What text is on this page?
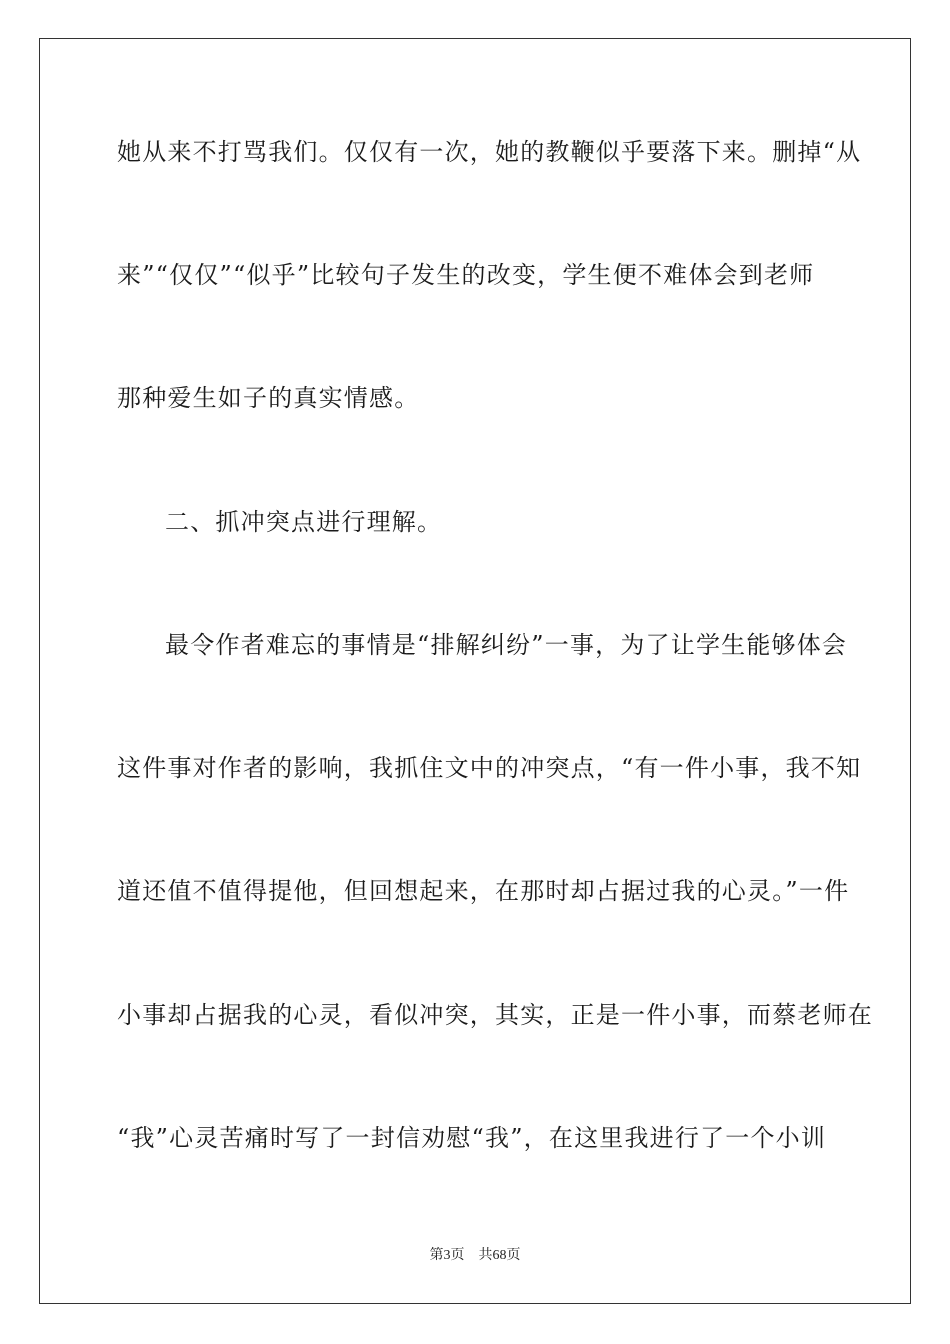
她从来不打骂我们。仅仅有一次，她的教鞭似乎要落下来。删掉“从
来”“仅仅”“似乎”比较句子发生的改变，学生便不难体会到老师
那种爱生如子的真实情感。
二、抓冲突点进行理解。
最令作者难忘的事情是“排解纠纷”一事，为了让学生能够体会
这件事对作者的影响，我抓住文中的冲突点，“有一件小事，我不知
道还值不值得提他，但回想起来，在那时却占据过我的心灵。”一件
小事却占据我的心灵，看似冲突，其实，正是一件小事，而蔡老师在
“我”心灵苦痛时写了一封信劝慰“我”，在这里我进行了一个小训
第3页 共68页
